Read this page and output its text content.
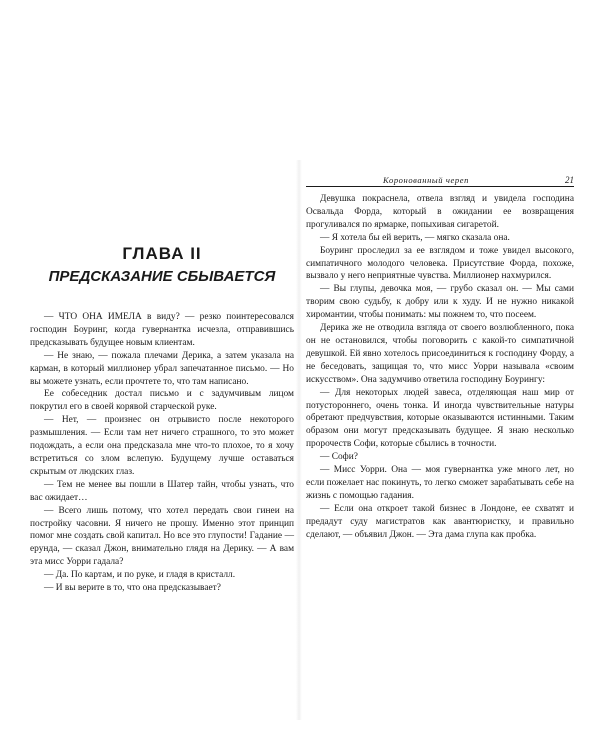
ГЛАВА II
ПРЕДСКАЗАНИЕ СБЫВАЕТСЯ

— ЧТО ОНА ИМЕЛА в виду? — резко поинтересовался господин Боуринг, когда гувернантка исчезла, отправившись предсказывать будущее новым клиентам.

— Не знаю, — пожала плечами Дерика, а затем указала на карман, в который миллионер убрал запечатанное письмо. — Но вы можете узнать, если прочтете то, что там написано.

Ее собеседник достал письмо и с задумчивым лицом покрутил его в своей корявой старческой руке.

— Нет, — произнес он отрывисто после некоторого размышления. — Если там нет ничего страшного, то это может подождать, а если она предсказала мне что-то плохое, то я хочу встретиться со злом вслепую. Будущему лучше оставаться скрытым от людских глаз.

— Тем не менее вы пошли в Шатер тайн, чтобы узнать, что вас ожидает…

— Всего лишь потому, что хотел передать свои гинеи на постройку часовни. Я ничего не прошу. Именно этот принцип помог мне создать свой капитал. Но все это глупости! Гадание — ерунда, — сказал Джон, внимательно глядя на Дерику. — А вам эта мисс Уорри гадала?

— Да. По картам, и по руке, и гладя в кристалл.

— И вы верите в то, что она предсказывает?

Коронованный череп	21

Девушка покраснела, отвела взгляд и увидела господина Освальда Форда, который в ожидании ее возвращения прогуливался по ярмарке, попыхивая сигаретой.

— Я хотела бы ей верить, — мягко сказала она.

Боуринг проследил за ее взглядом и тоже увидел высокого, симпатичного молодого человека. Присутствие Форда, похоже, вызвало у него неприятные чувства. Миллионер нахмурился.

— Вы глупы, девочка моя, — грубо сказал он. — Мы сами творим свою судьбу, к добру или к худу. И не нужно никакой хиромантии, чтобы понимать: мы пожнем то, что посеем.

Дерика же не отводила взгляда от своего возлюбленного, пока он не остановился, чтобы поговорить с какой-то симпатичной девушкой. Ей явно хотелось присоединиться к господину Форду, а не беседовать, защищая то, что мисс Уорри называла «своим искусством». Она задумчиво ответила господину Боурингу:

— Для некоторых людей завеса, отделяющая наш мир от потустороннего, очень тонка. И иногда чувствительные натуры обретают предчувствия, которые оказываются истинными. Таким образом они могут предсказывать будущее. Я знаю несколько пророчеств Софи, которые сбылись в точности.

— Софи?

— Мисс Уорри. Она — моя гувернантка уже много лет, но если пожелает нас покинуть, то легко сможет зарабатывать себе на жизнь с помощью гадания.

— Если она откроет такой бизнес в Лондоне, ее схватят и предадут суду магистратов как авантюристку, и правильно сделают, — объявил Джон. — Эта дама глупа как пробка.
